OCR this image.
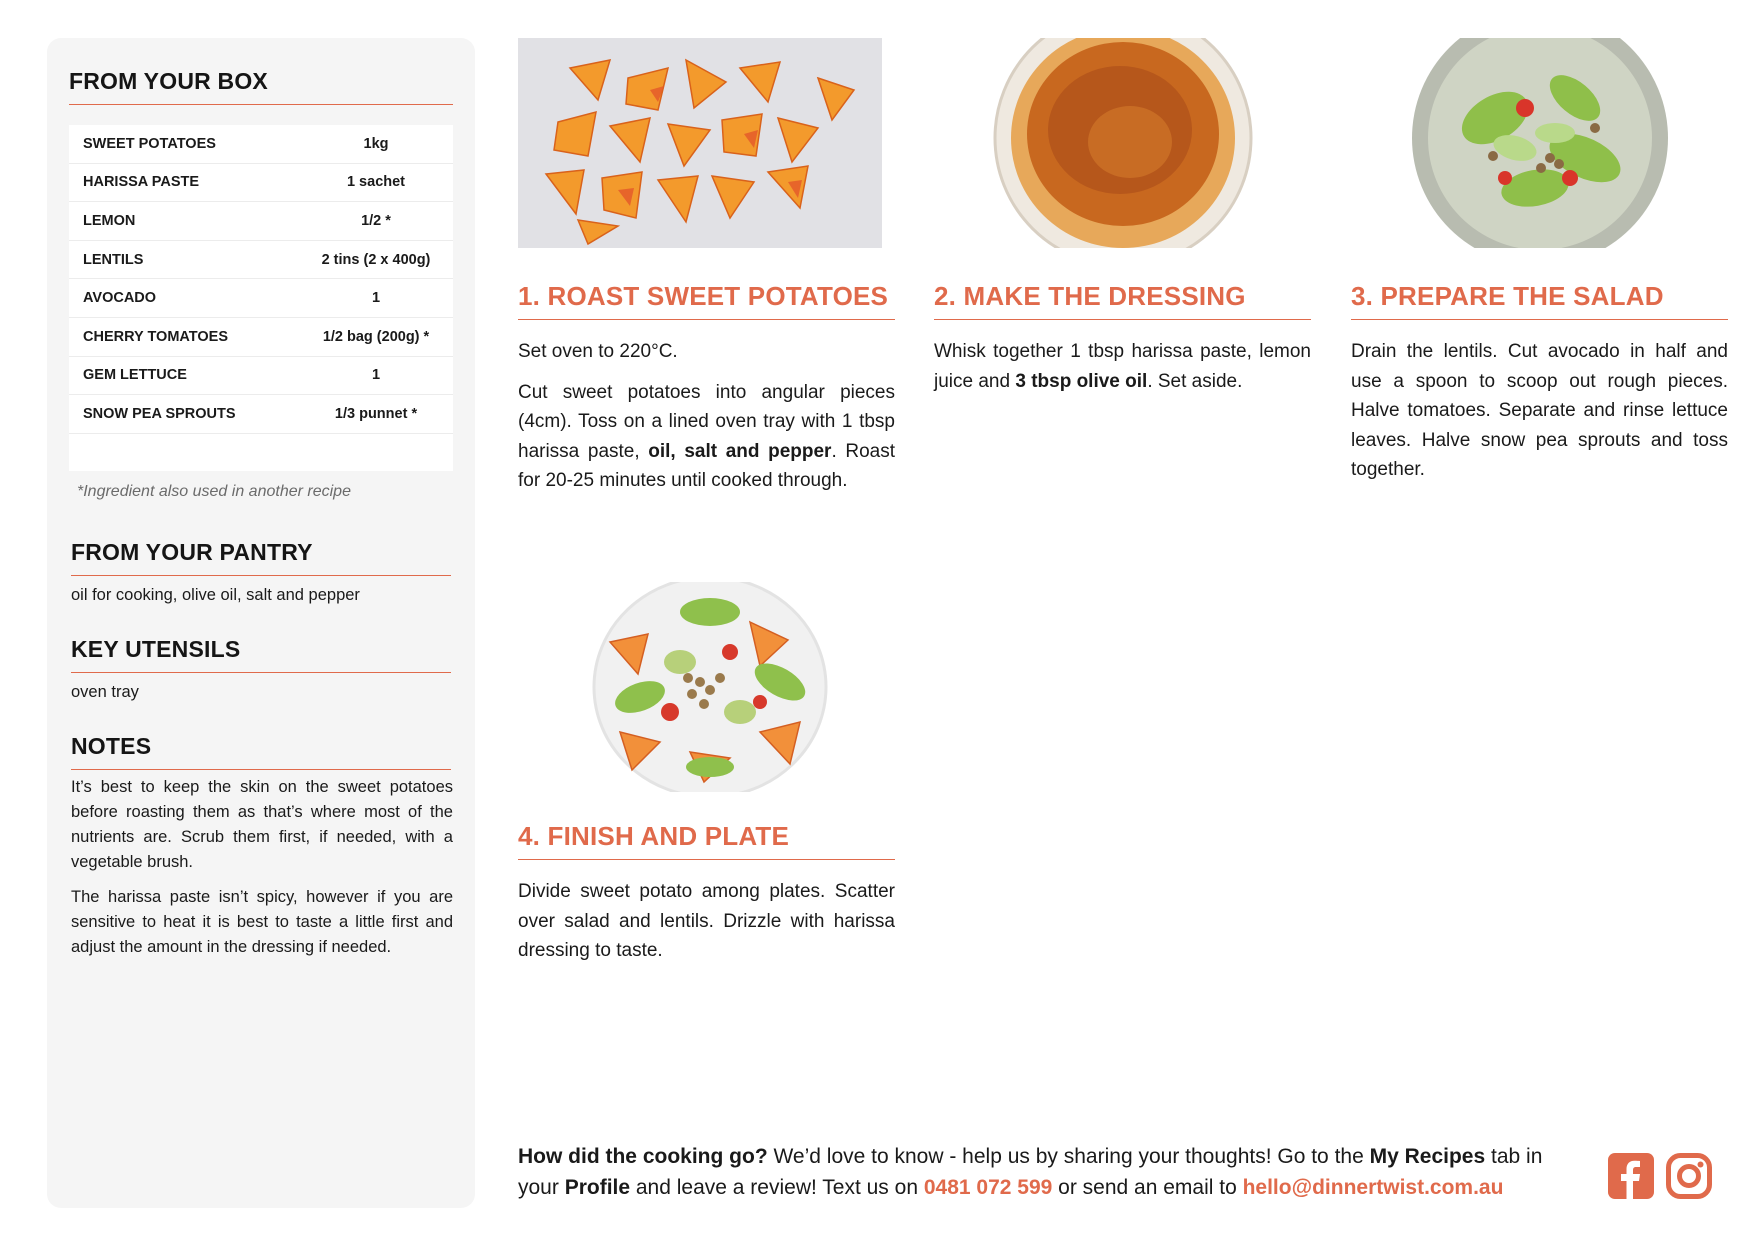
FROM YOUR BOX
SWEET POTATOES	1kg
HARISSA PASTE	1 sachet
LEMON	1/2 *
LENTILS	2 tins (2 x 400g)
AVOCADO	1
CHERRY TOMATOES	1/2 bag (200g) *
GEM LETTUCE	1
SNOW PEA SPROUTS	1/3 punnet *
*Ingredient also used in another recipe
FROM YOUR PANTRY
oil for cooking, olive oil, salt and pepper
KEY UTENSILS
oven tray
NOTES

It’s best to keep the skin on the sweet potatoes before roasting them as that’s where most of the nutrients are. Scrub them first, if needed, with a vegetable brush.

The harissa paste isn’t spicy, however if you are sensitive to heat it is best to taste a little first and adjust the amount in the dressing if needed.

1. ROAST SWEET POTATOES

Set oven to 220°C.

Cut sweet potatoes into angular pieces (4cm). Toss on a lined oven tray with 1 tbsp harissa paste, oil, salt and pepper. Roast for 20-25 minutes until cooked through.

2. MAKE THE DRESSING

Whisk together 1 tbsp harissa paste, lemon juice and 3 tbsp olive oil. Set aside.

3. PREPARE THE SALAD

Drain the lentils. Cut avocado in half and use a spoon to scoop out rough pieces. Halve tomatoes. Separate and rinse lettuce leaves. Halve snow pea sprouts and toss together.

4. FINISH AND PLATE

Divide sweet potato among plates. Scatter over salad and lentils. Drizzle with harissa dressing to taste.

How did the cooking go? We’d love to know - help us by sharing your thoughts! Go to the My Recipes tab in your Profile and leave a review! Text us on 0481 072 599 or send an email to hello@dinnertwist.com.au
